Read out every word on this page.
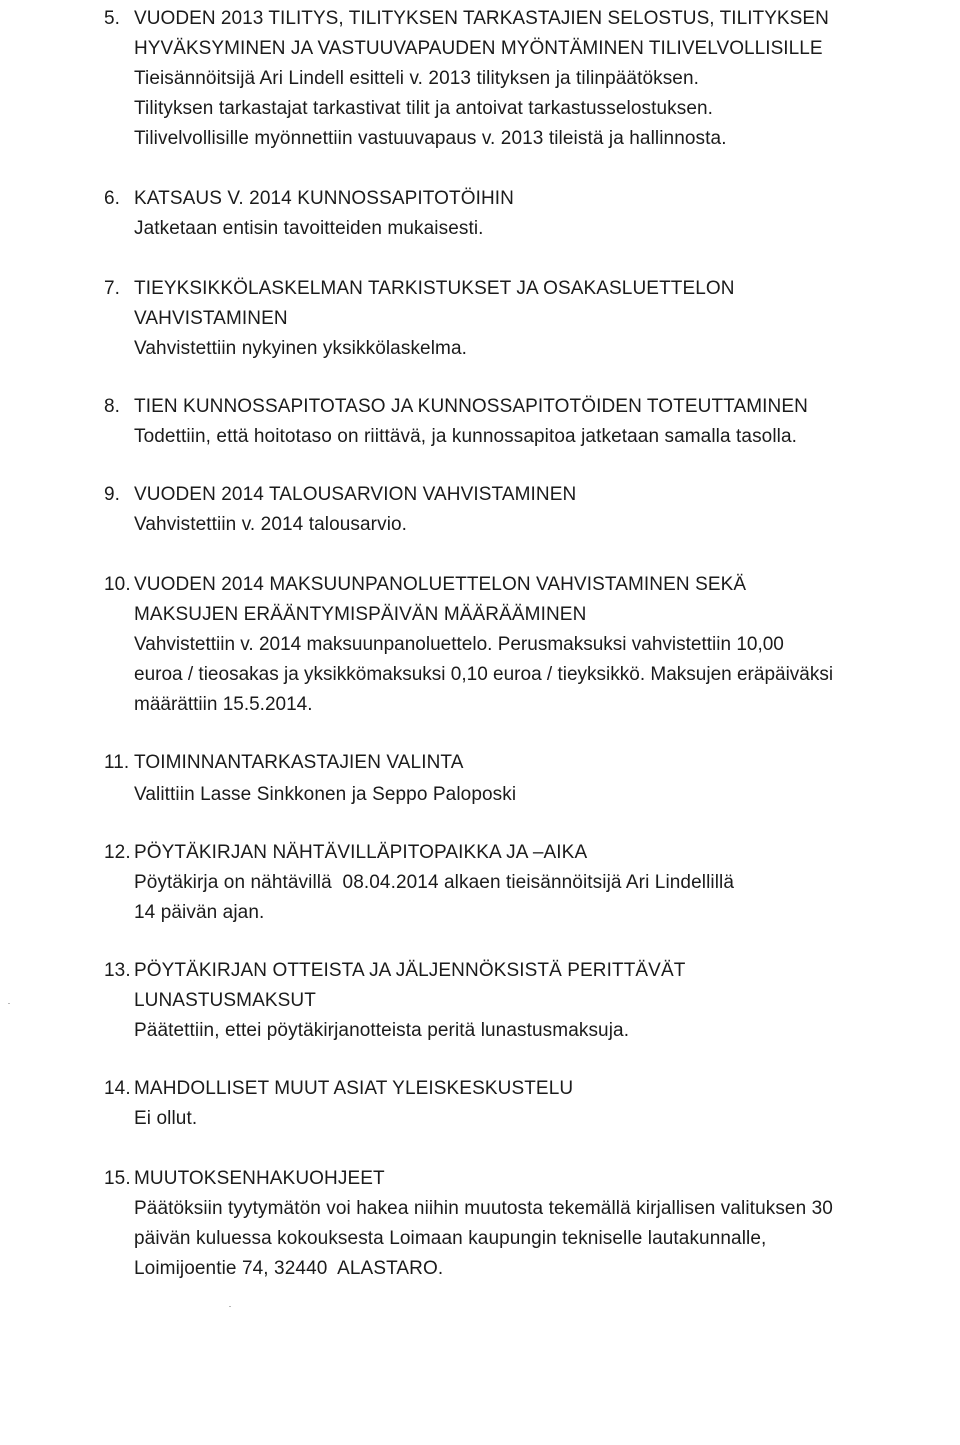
5. VUODEN 2013 TILITYS, TILITYKSEN TARKASTAJIEN SELOSTUS, TILITYKSEN
HYVÄKSYMINEN JA VASTUUVAPAUDEN MYÖNTÄMINEN TILIVELVOLLISILLE
Tieisännöitsijä Ari Lindell esitteli v. 2013 tilityksen ja tilinpäätöksen.
Tilityksen tarkastajat tarkastivat tilit ja antoivat tarkastusselostuksen.
Tilivelvollisille myönnettiin vastuuvapaus v. 2013 tileistä ja hallinnosta.
6. KATSAUS V. 2014 KUNNOSSAPITOTÖIHIN
Jatketaan entisin tavoitteiden mukaisesti.
7. TIEYKSIKKÖLASKELMAN TARKISTUKSET JA OSAKASLUETTELON
VAHVISTAMINEN
Vahvistettiin nykyinen yksikkölaskelma.
8. TIEN KUNNOSSAPITOTASO JA KUNNOSSAPITOTÖIDEN TOTEUTTAMINEN
Todettiin, että hoitotaso on riittävä, ja kunnossapitoa jatketaan samalla tasolla.
9. VUODEN 2014 TALOUSARVION VAHVISTAMINEN
Vahvistettiin v. 2014 talousarvio.
10. VUODEN 2014 MAKSUUNPANOLUETTELON VAHVISTAMINEN SEKÄ
MAKSUJEN ERÄÄNTYMISPÄIVÄN MÄÄRÄÄMINEN
Vahvistettiin v. 2014 maksuunpanoluettelo. Perusmaksuksi vahvistettiin 10,00
euroa / tieosakas ja yksikkömaksuksi 0,10 euroa / tieyksikkö. Maksujen eräpäiväksi
määrättiin 15.5.2014.
11. TOIMINNANTARKASTAJIEN VALINTA
Valittiin Lasse Sinkkonen ja Seppo Paloposki
12. PÖYTÄKIRJAN NÄHTÄVILLÄPITOPAIKKA JA –AIKA
Pöytäkirja on nähtävillä  08.04.2014 alkaen tieisännöitsijä Ari Lindellillä
14 päivän ajan.
13. PÖYTÄKIRJAN OTTEISTA JA JÄLJENNÖKSISTÄ PERITTÄVÄT
LUNASTUSMAKSUT
Päätettiin, ettei pöytäkirjanotteista peritä lunastusmaksuja.
14. MAHDOLLISET MUUT ASIAT YLEISKESKUSTELU
Ei ollut.
15. MUUTOKSENHAKUOHJEET
Päätöksiin tyytymätön voi hakea niihin muutosta tekemällä kirjallisen valituksen 30
päivän kuluessa kokouksesta Loimaan kaupungin tekniselle lautakunnalle,
Loimijoentie 74, 32440  ALASTARO.
